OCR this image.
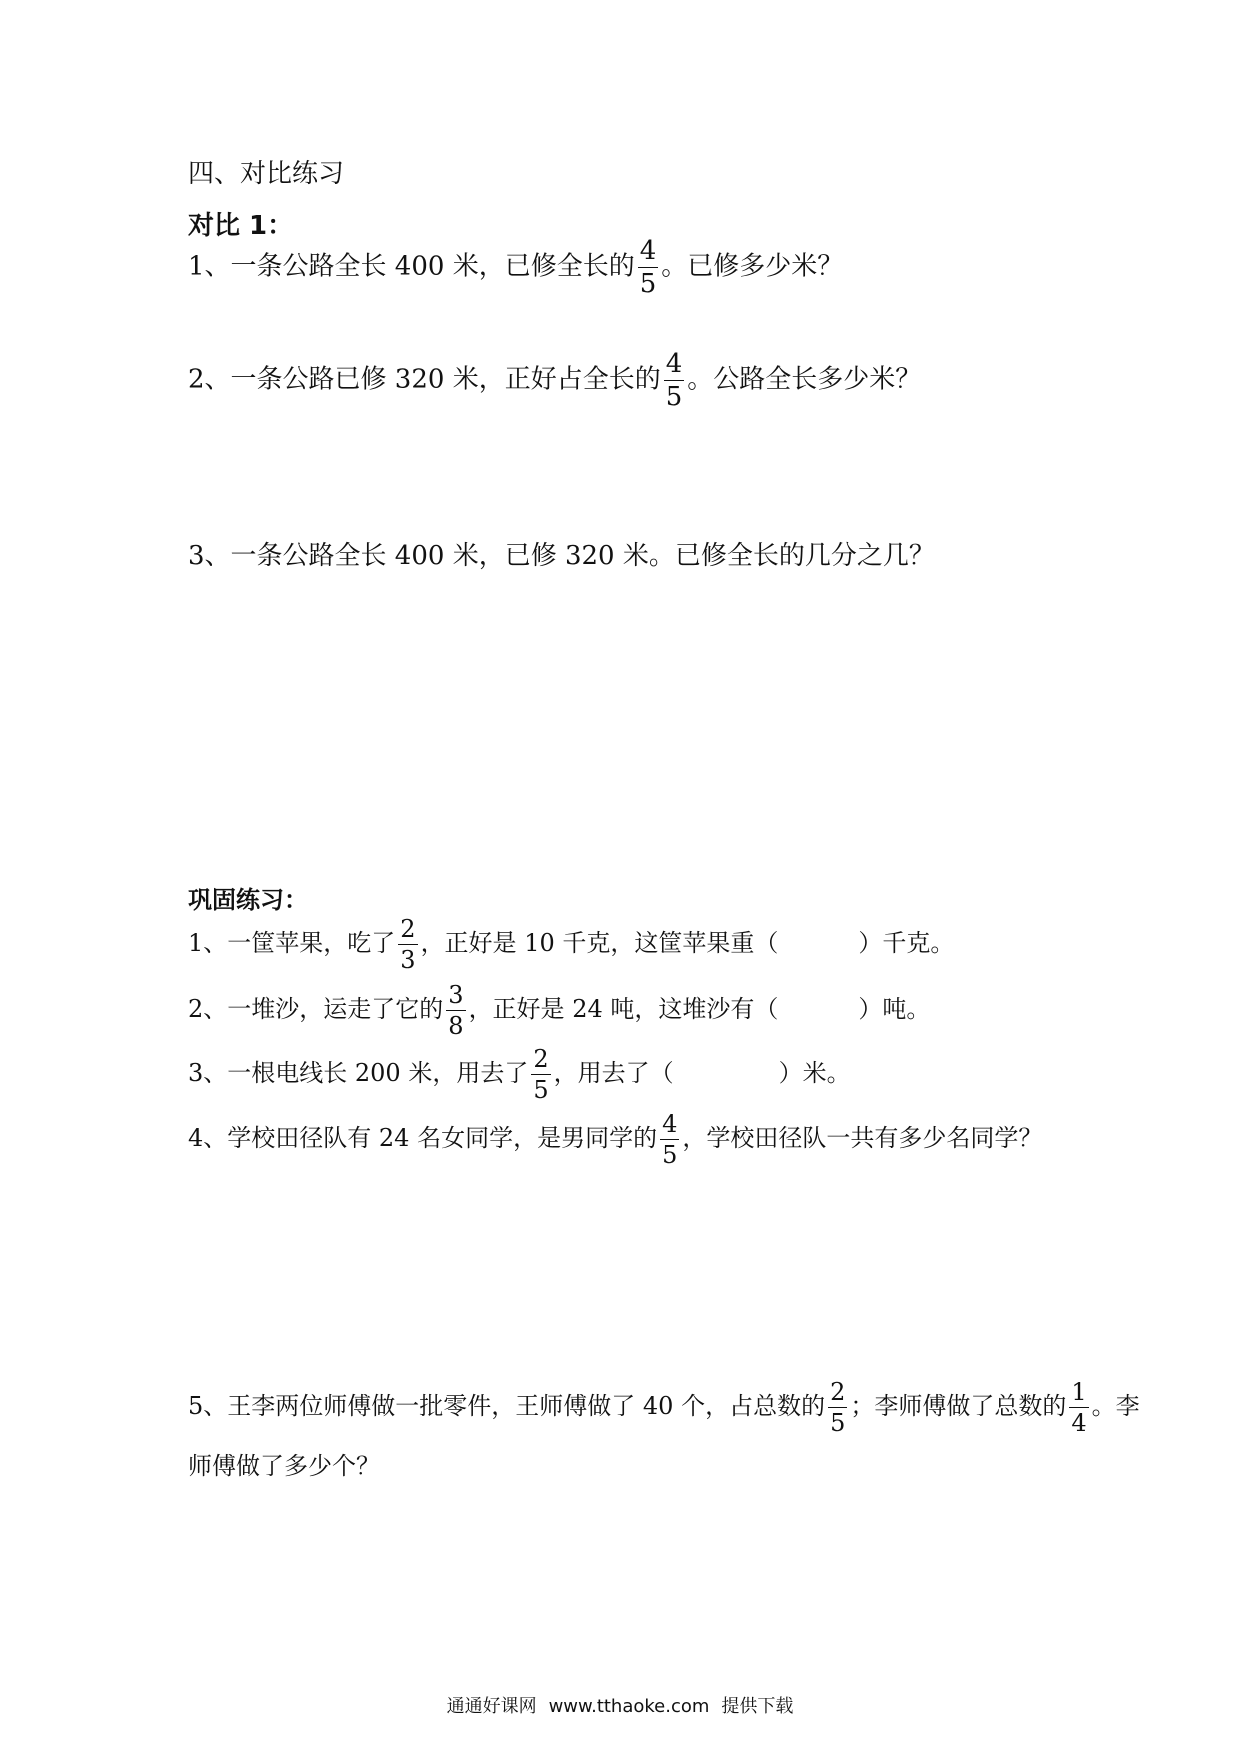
四、对比练习
对比 1：
1、一条公路全长 400 米，已修全长的 $\frac{4}{5}$ 。已修多少米？
2、一条公路已修 320 米，正好占全长的 $\frac{4}{5}$ 。公路全长多少米？
3、一条公路全长 400 米，已修 320 米。已修全长的几分之几？
巩固练习：
1、一筐苹果，吃了 $\frac{2}{3}$ ，正好是 10 千克，这筐苹果重（	）千克。
2、一堆沙，运走了它的 $\frac{3}{8}$ ，正好是 24 吨，这堆沙有（	）吨。
3、一根电线长 200 米，用去了 $\frac{2}{5}$ ，用去了（	）米。
4、学校田径队有 24 名女同学，是男同学的 $\frac{4}{5}$ ，学校田径队一共有多少名同学？
5、王李两位师傅做一批零件，王师傅做了 40 个，占总数的 $\frac{2}{5}$ ；李师傅做了总数的 $\frac{1}{4}$ 。李
师傅做了多少个？
通通好课网 www.tthaoke.com 提供下载
